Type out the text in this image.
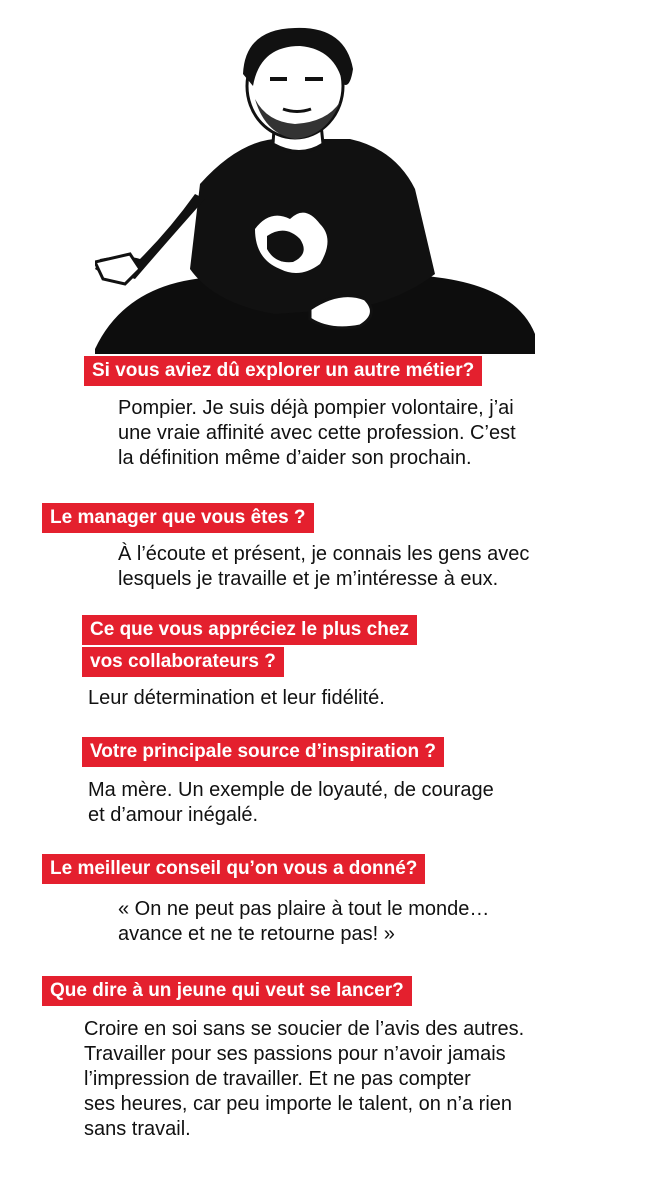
Si vous aviez dû explorer un autre métier?

Pompier. Je suis déjà pompier volontaire, j’ai

une vraie affinité avec cette profession. C’est

la définition même d’aider son prochain.

Le manager que vous êtes ?

À l’écoute et présent, je connais les gens avec

lesquels je travaille et je m’intéresse à eux.

Ce que vous appréciez le plus chez
vos collaborateurs ?

Leur détermination et leur fidélité.

Votre principale source d’inspiration ?

Ma mère. Un exemple de loyauté, de courage

et d’amour inégalé.

Le meilleur conseil qu’on vous a donné?

« On ne peut pas plaire à tout le monde…

avance et ne te retourne pas! »

Que dire à un jeune qui veut se lancer?

Croire en soi sans se soucier de l’avis des autres.

Travailler pour ses passions pour n’avoir jamais

l’impression de travailler. Et ne pas compter

ses heures, car peu importe le talent, on n’a rien

sans travail.
